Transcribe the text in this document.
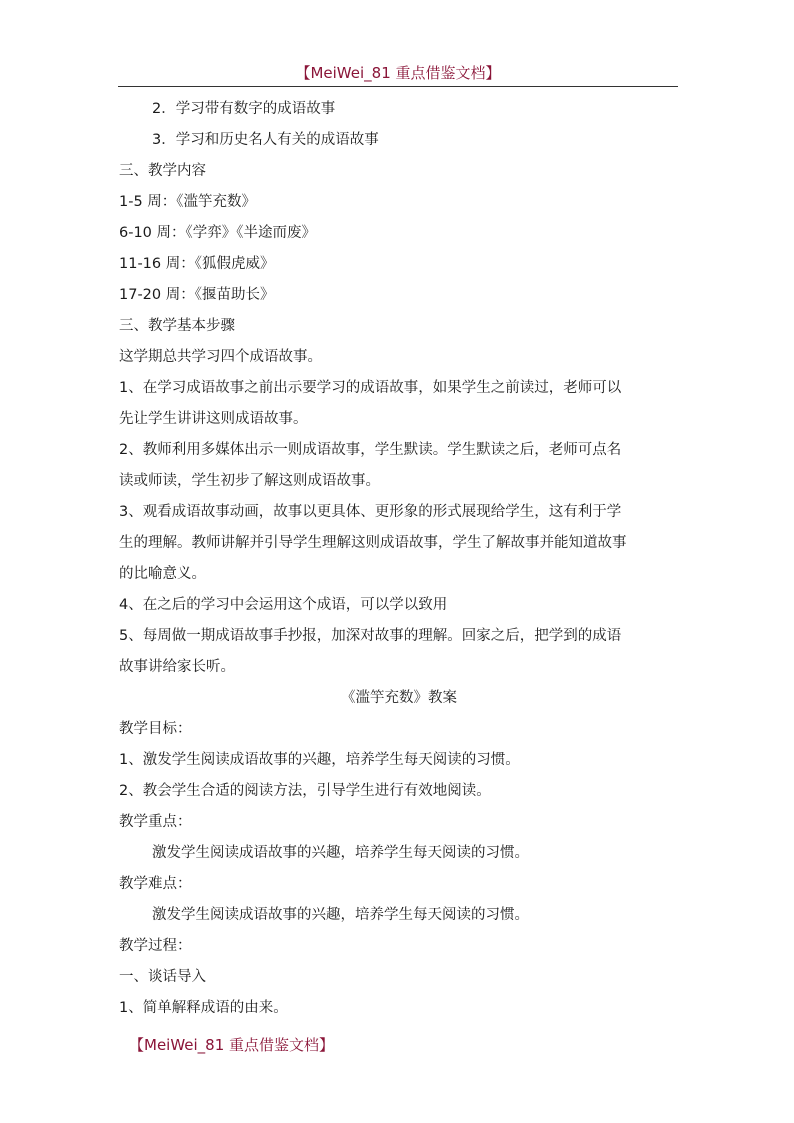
【MeiWei_81 重点借鉴文档】
2．学习带有数字的成语故事
3．学习和历史名人有关的成语故事
三、教学内容
1-5 周：《滥竽充数》
6-10 周：《学弈》《半途而废》
11-16 周：《狐假虎威》
17-20 周：《揠苗助长》
三、教学基本步骤
这学期总共学习四个成语故事。
1、在学习成语故事之前出示要学习的成语故事，如果学生之前读过，老师可以
先让学生讲讲这则成语故事。
2、教师利用多媒体出示一则成语故事，学生默读。学生默读之后，老师可点名
读或师读，学生初步了解这则成语故事。
3、观看成语故事动画，故事以更具体、更形象的形式展现给学生，这有利于学
生的理解。教师讲解并引导学生理解这则成语故事，学生了解故事并能知道故事
的比喻意义。
4、在之后的学习中会运用这个成语，可以学以致用
5、每周做一期成语故事手抄报，加深对故事的理解。回家之后，把学到的成语
故事讲给家长听。
《滥竽充数》教案
教学目标：
1、激发学生阅读成语故事的兴趣，培养学生每天阅读的习惯。
2、教会学生合适的阅读方法，引导学生进行有效地阅读。
教学重点：
激发学生阅读成语故事的兴趣，培养学生每天阅读的习惯。
教学难点：
激发学生阅读成语故事的兴趣，培养学生每天阅读的习惯。
教学过程：
一、谈话导入
1、简单解释成语的由来。
【MeiWei_81 重点借鉴文档】
